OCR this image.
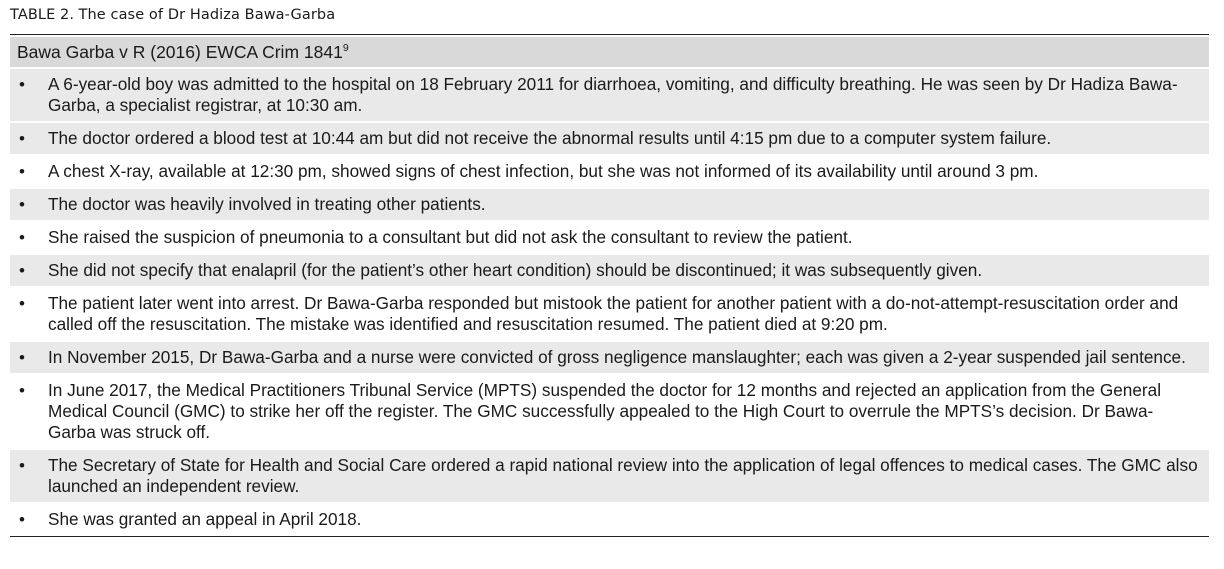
TABLE 2. The case of Dr Hadiza Bawa-Garba
Bawa Garba v R (2016) EWCA Crim 1841$^9$
• A 6-year-old boy was admitted to the hospital on 18 February 2011 for diarrhoea, vomiting, and difficulty breathing. He was seen by Dr Hadiza Bawa-Garba, a specialist registrar, at 10:30 am.
• The doctor ordered a blood test at 10:44 am but did not receive the abnormal results until 4:15 pm due to a computer system failure.
• A chest X-ray, available at 12:30 pm, showed signs of chest infection, but she was not informed of its availability until around 3 pm.
• The doctor was heavily involved in treating other patients.
• She raised the suspicion of pneumonia to a consultant but did not ask the consultant to review the patient.
• She did not specify that enalapril (for the patient’s other heart condition) should be discontinued; it was subsequently given.
• The patient later went into arrest. Dr Bawa-Garba responded but mistook the patient for another patient with a do-not-attempt-resuscitation order and called off the resuscitation. The mistake was identified and resuscitation resumed. The patient died at 9:20 pm.
• In November 2015, Dr Bawa-Garba and a nurse were convicted of gross negligence manslaughter; each was given a 2-year suspended jail sentence.
• In June 2017, the Medical Practitioners Tribunal Service (MPTS) suspended the doctor for 12 months and rejected an application from the General Medical Council (GMC) to strike her off the register. The GMC successfully appealed to the High Court to overrule the MPTS’s decision. Dr Bawa-Garba was struck off.
• The Secretary of State for Health and Social Care ordered a rapid national review into the application of legal offences to medical cases. The GMC also launched an independent review.
• She was granted an appeal in April 2018.
